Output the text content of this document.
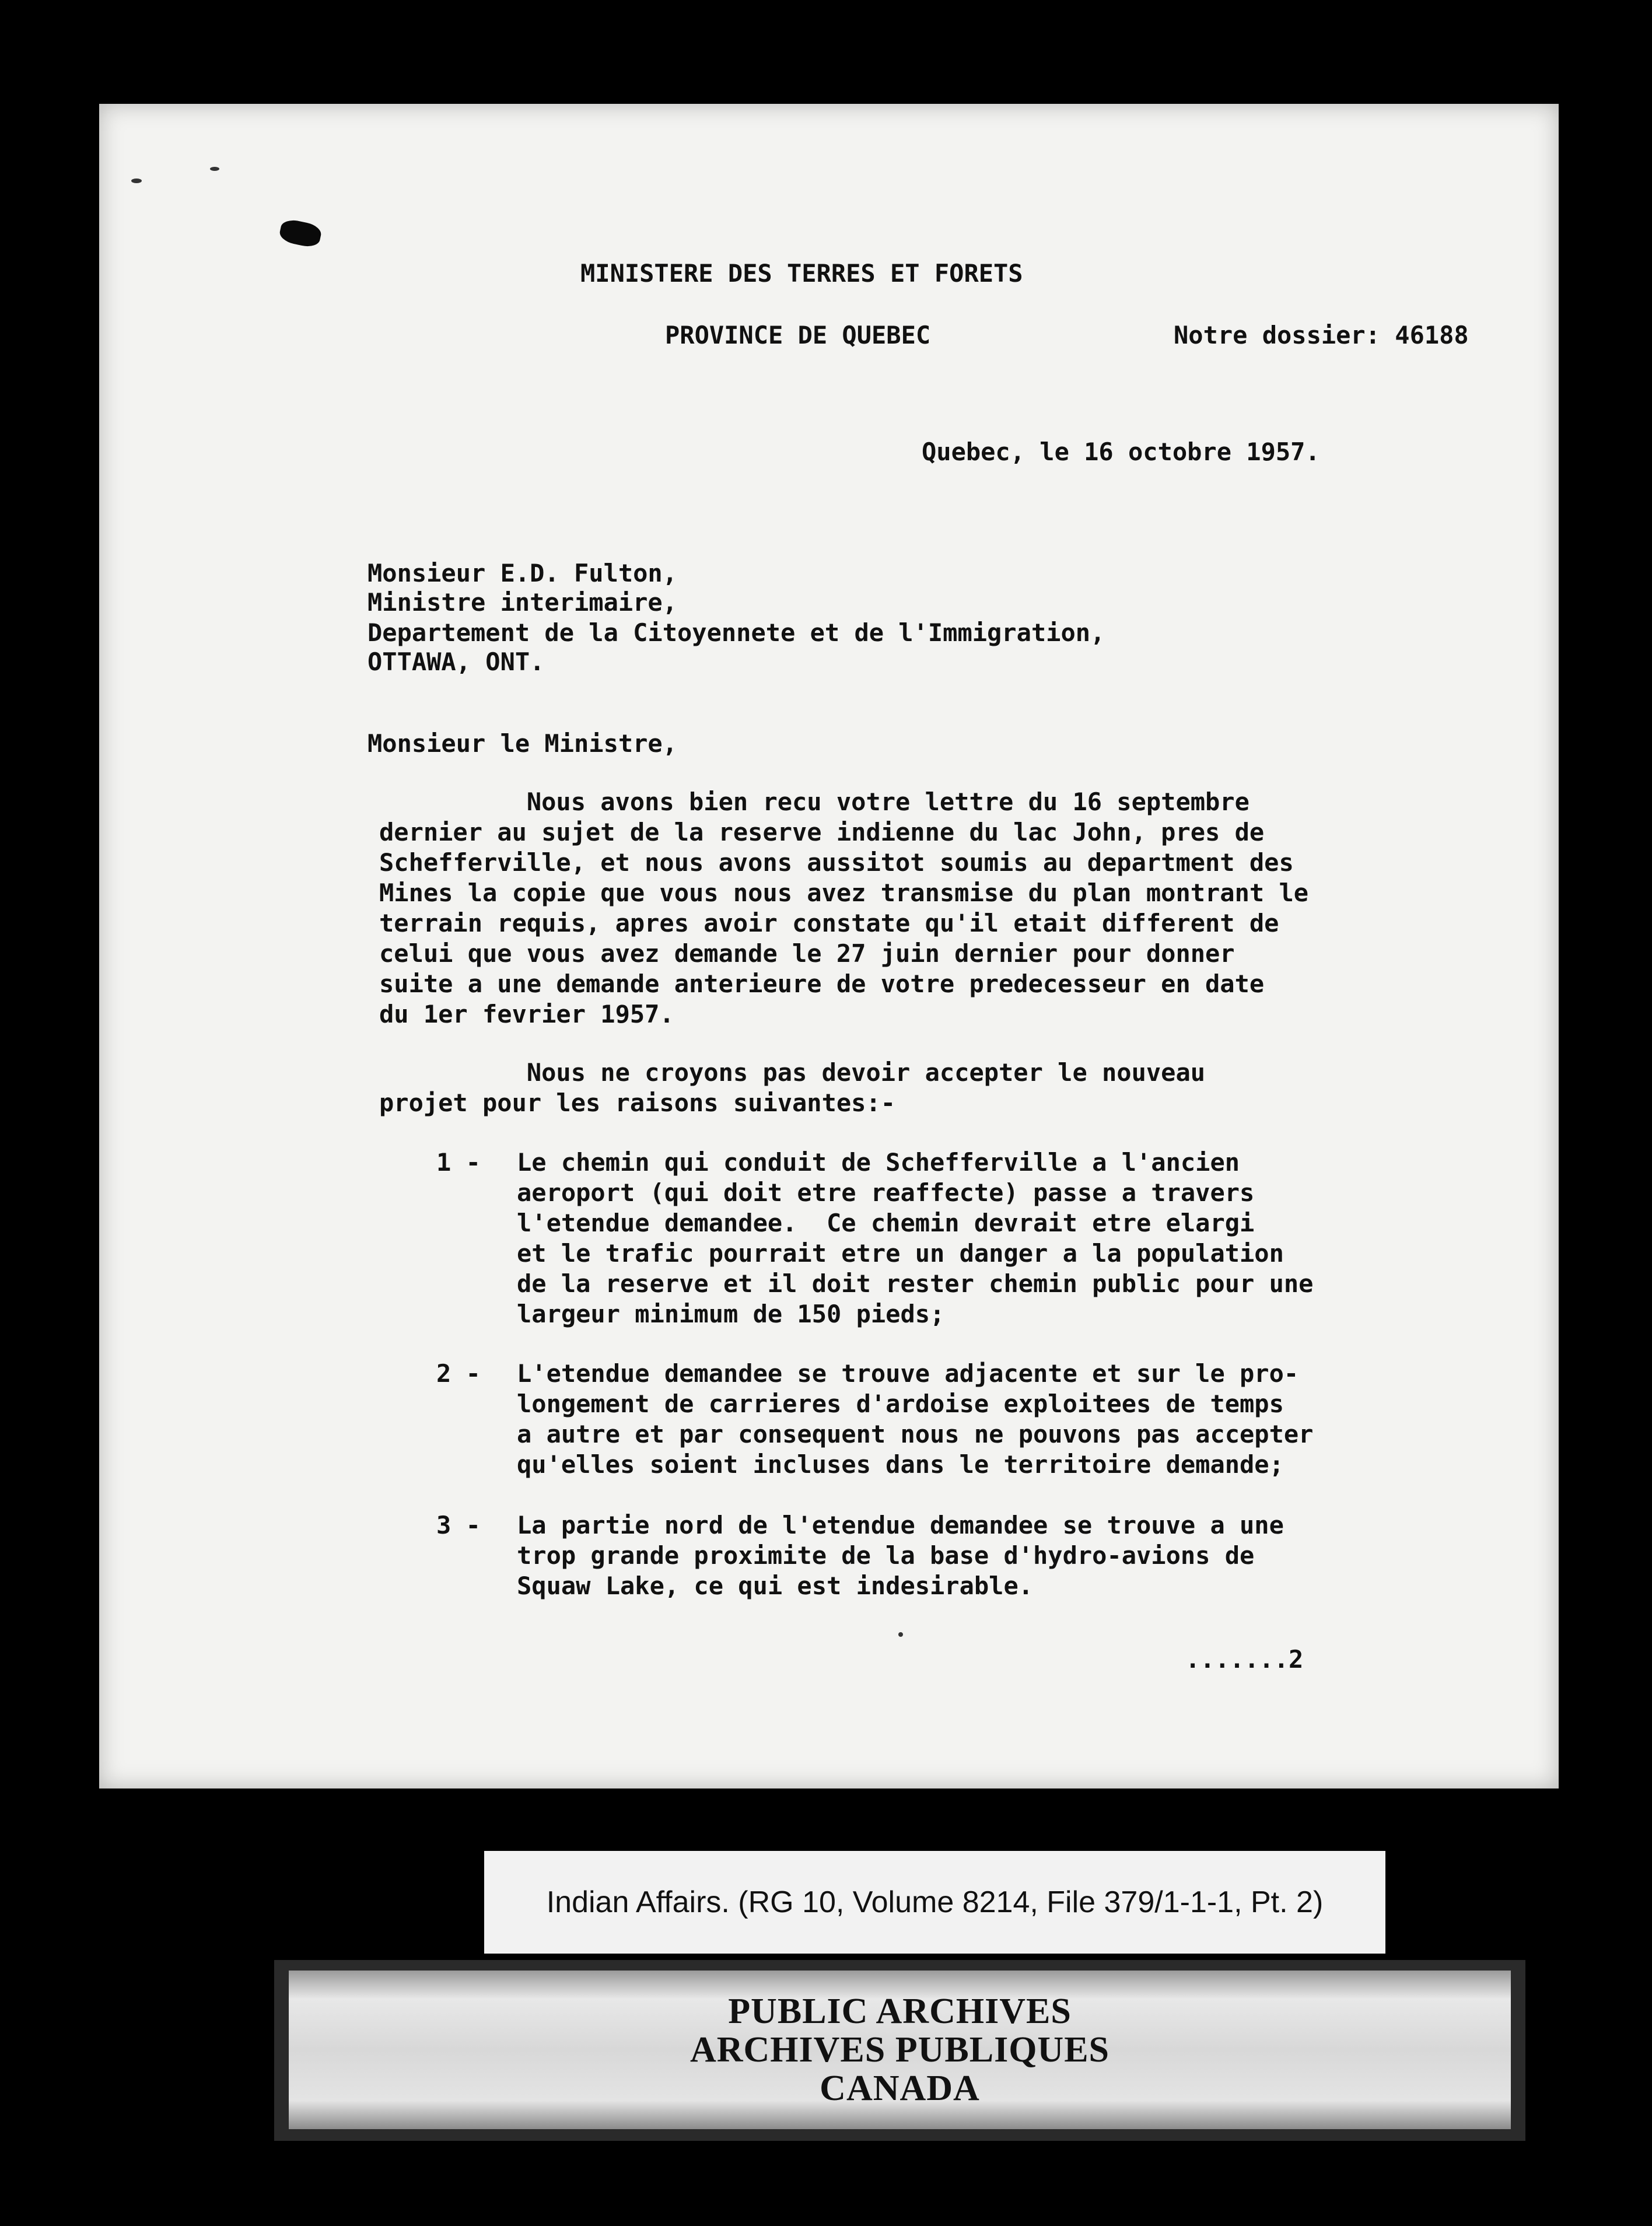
MINISTERE DES TERRES ET FORETS
PROVINCE DE QUEBEC	Notre dossier: 46188
Quebec, le 16 octobre 1957.
Monsieur E.D. Fulton,
Ministre interimaire,
Departement de la Citoyennete et de l'Immigration,
OTTAWA, ONT.
Monsieur le Ministre,
Nous avons bien recu votre lettre du 16 septembre
dernier au sujet de la reserve indienne du lac John, pres de
Schefferville, et nous avons aussitot soumis au department des
Mines la copie que vous nous avez transmise du plan montrant le
terrain requis, apres avoir constate qu'il etait different de
celui que vous avez demande le 27 juin dernier pour donner
suite a une demande anterieure de votre predecesseur en date
du 1er fevrier 1957.
Nous ne croyons pas devoir accepter le nouveau
projet pour les raisons suivantes:-
1 - Le chemin qui conduit de Schefferville a l'ancien
aeroport (qui doit etre reaffecte) passe a travers
l'etendue demandee.  Ce chemin devrait etre elargi
et le trafic pourrait etre un danger a la population
de la reserve et il doit rester chemin public pour une
largeur minimum de 150 pieds;
2 - L'etendue demandee se trouve adjacente et sur le pro-
longement de carrieres d'ardoise exploitees de temps
a autre et par consequent nous ne pouvons pas accepter
qu'elles soient incluses dans le territoire demande;
3 - La partie nord de l'etendue demandee se trouve a une
trop grande proximite de la base d'hydro-avions de
Squaw Lake, ce qui est indesirable.
.......2
Indian Affairs. (RG 10, Volume 8214, File 379/1-1-1, Pt. 2)
PUBLIC ARCHIVES
ARCHIVES PUBLIQUES
CANADA
